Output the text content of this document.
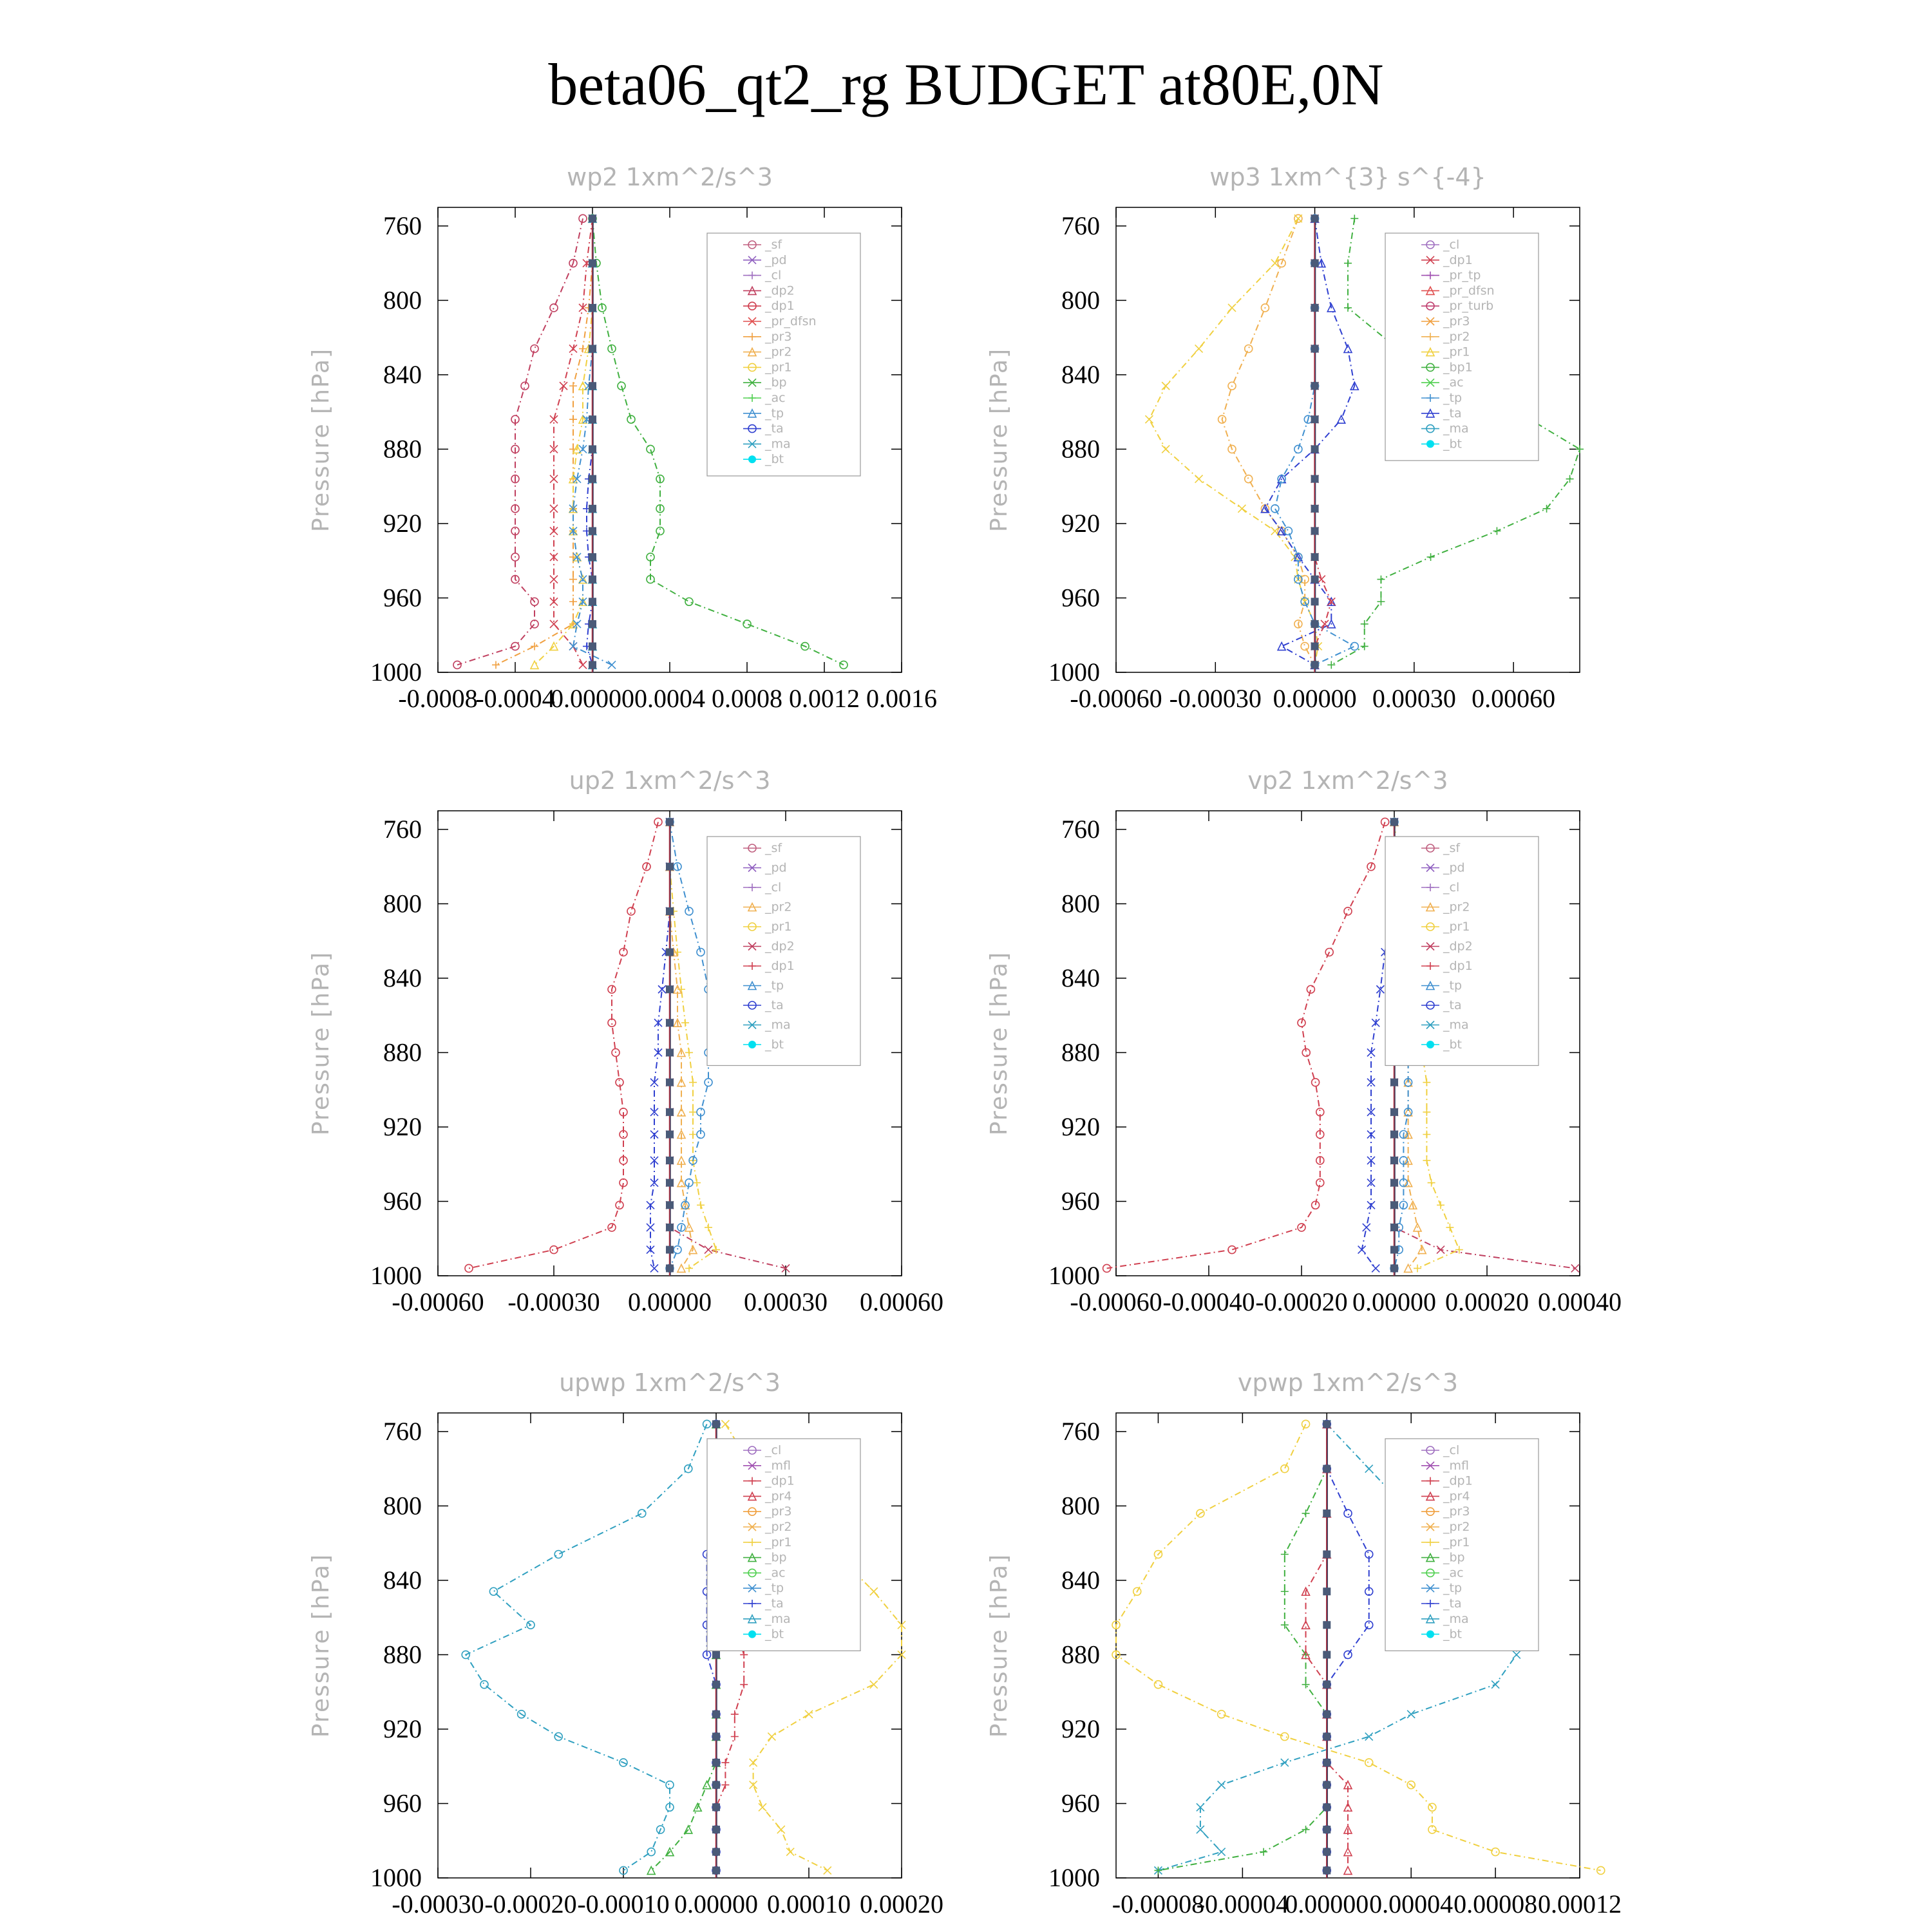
beta06_qt2_rg BUDGET at80E,0N
760
800
840
880
920
960
1000
-0.0008
-0.0004
0.00000 0.0004 0.0008 0.0012 0.0016
wp2 1xm^2/s^3
Pressure [hPa]
_sf
_pd
_cl
_dp2
_dp1
_pr_dfsn
_pr3
_pr2
_pr1
_bp
_ac
_tp
_ta
_ma
_bt
760
800
840
880
920
960
1000
-0.00060 -0.00030 0.00000 0.00030 0.00060
wp3 1xm^{3} s^{-4}
Pressure [hPa]
_cl
_dp1
_pr_tp
_pr_dfsn
_pr_turb
_pr3
_pr2
_pr1
_bp1
_ac
_tp
_ta
_ma
_bt
760
800
840
880
920
960
1000
-0.00060 -0.00030 0.00000 0.00030 0.00060
up2 1xm^2/s^3
Pressure [hPa]
_sf
_pd
_cl
_pr2
_pr1
_dp2
_dp1
_tp
_ta
_ma
_bt
760
800
840
880
920
960
1000
-0.00060 -0.00040 -0.00020 0.00000 0.00020 0.00040
vp2 1xm^2/s^3
Pressure [hPa]
_sf
_pd
_cl
_pr2
_pr1
_dp2
_dp1
_tp
_ta
_ma
_bt
760
800
840
880
920
960
1000
-0.00030 -0.00020 -0.00010 0.00000 0.00010 0.00020
upwp 1xm^2/s^3
Pressure [hPa]
_cl
_mfl
_dp1
_pr4
_pr3
_pr2
_pr1
_bp
_ac
_tp
_ta
_ma
_bt
760
800
840
880
920
960
1000
-0.00008
-0.00004
0.00000 0.00004 0.00008 0.00012
vpwp 1xm^2/s^3
Pressure [hPa]
_cl
_mfl
_dp1
_pr4
_pr3
_pr2
_pr1
_bp
_ac
_tp
_ta
_ma
_bt
